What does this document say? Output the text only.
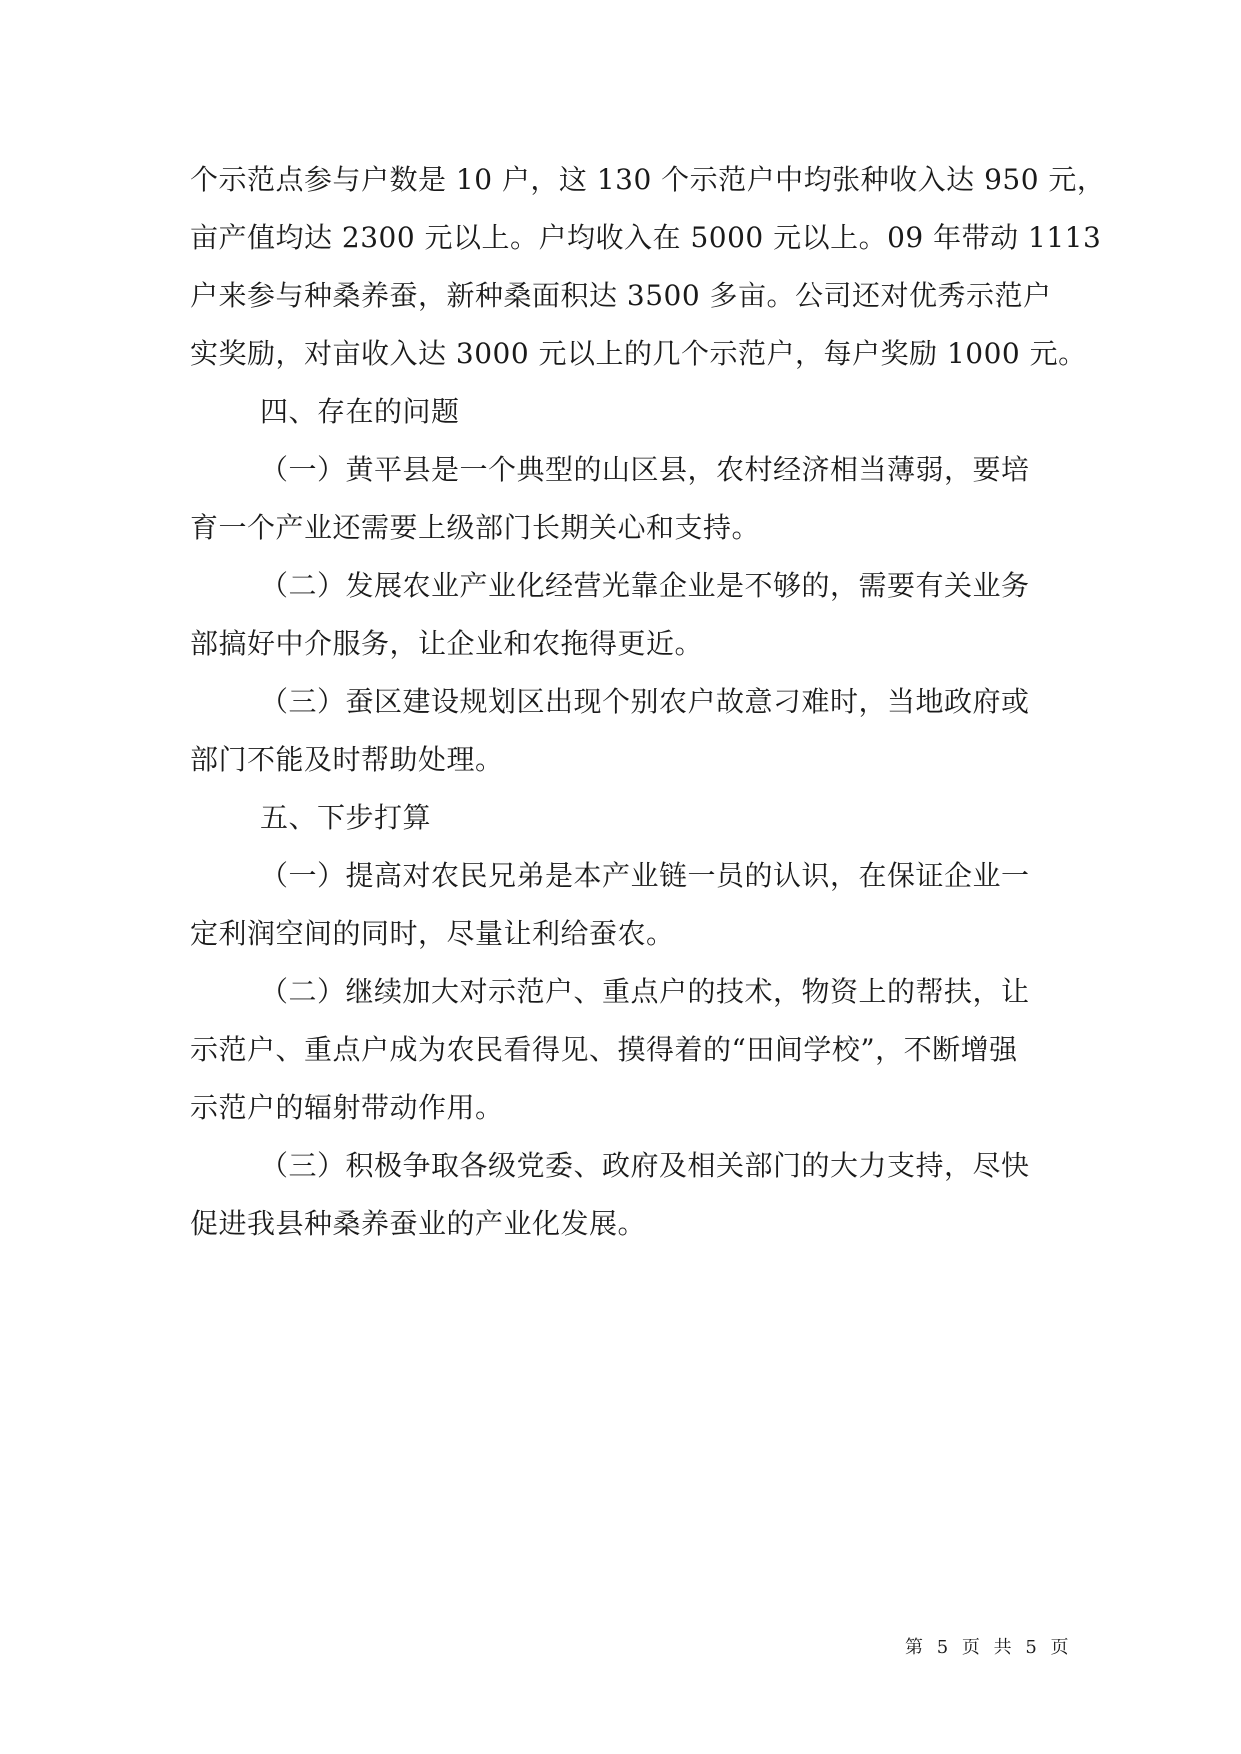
个示范点参与户数是 10 户，这 130 个示范户中均张种收入达 950 元，
亩产值均达 2300 元以上。户均收入在 5000 元以上。09 年带动 1113
户来参与种桑养蚕，新种桑面积达 3500 多亩。公司还对优秀示范户
实奖励，对亩收入达 3000 元以上的几个示范户，每户奖励 1000 元。
四、存在的问题
（一）黄平县是一个典型的山区县，农村经济相当薄弱，要培
育一个产业还需要上级部门长期关心和支持。
（二）发展农业产业化经营光靠企业是不够的，需要有关业务
部搞好中介服务，让企业和农拖得更近。
（三）蚕区建设规划区出现个别农户故意刁难时，当地政府或
部门不能及时帮助处理。
五、下步打算
（一）提高对农民兄弟是本产业链一员的认识，在保证企业一
定利润空间的同时，尽量让利给蚕农。
（二）继续加大对示范户、重点户的技术，物资上的帮扶，让
示范户、重点户成为农民看得见、摸得着的“田间学校”，不断增强
示范户的辐射带动作用。
（三）积极争取各级党委、政府及相关部门的大力支持，尽快
促进我县种桑养蚕业的产业化发展。
第 5 页 共 5 页
